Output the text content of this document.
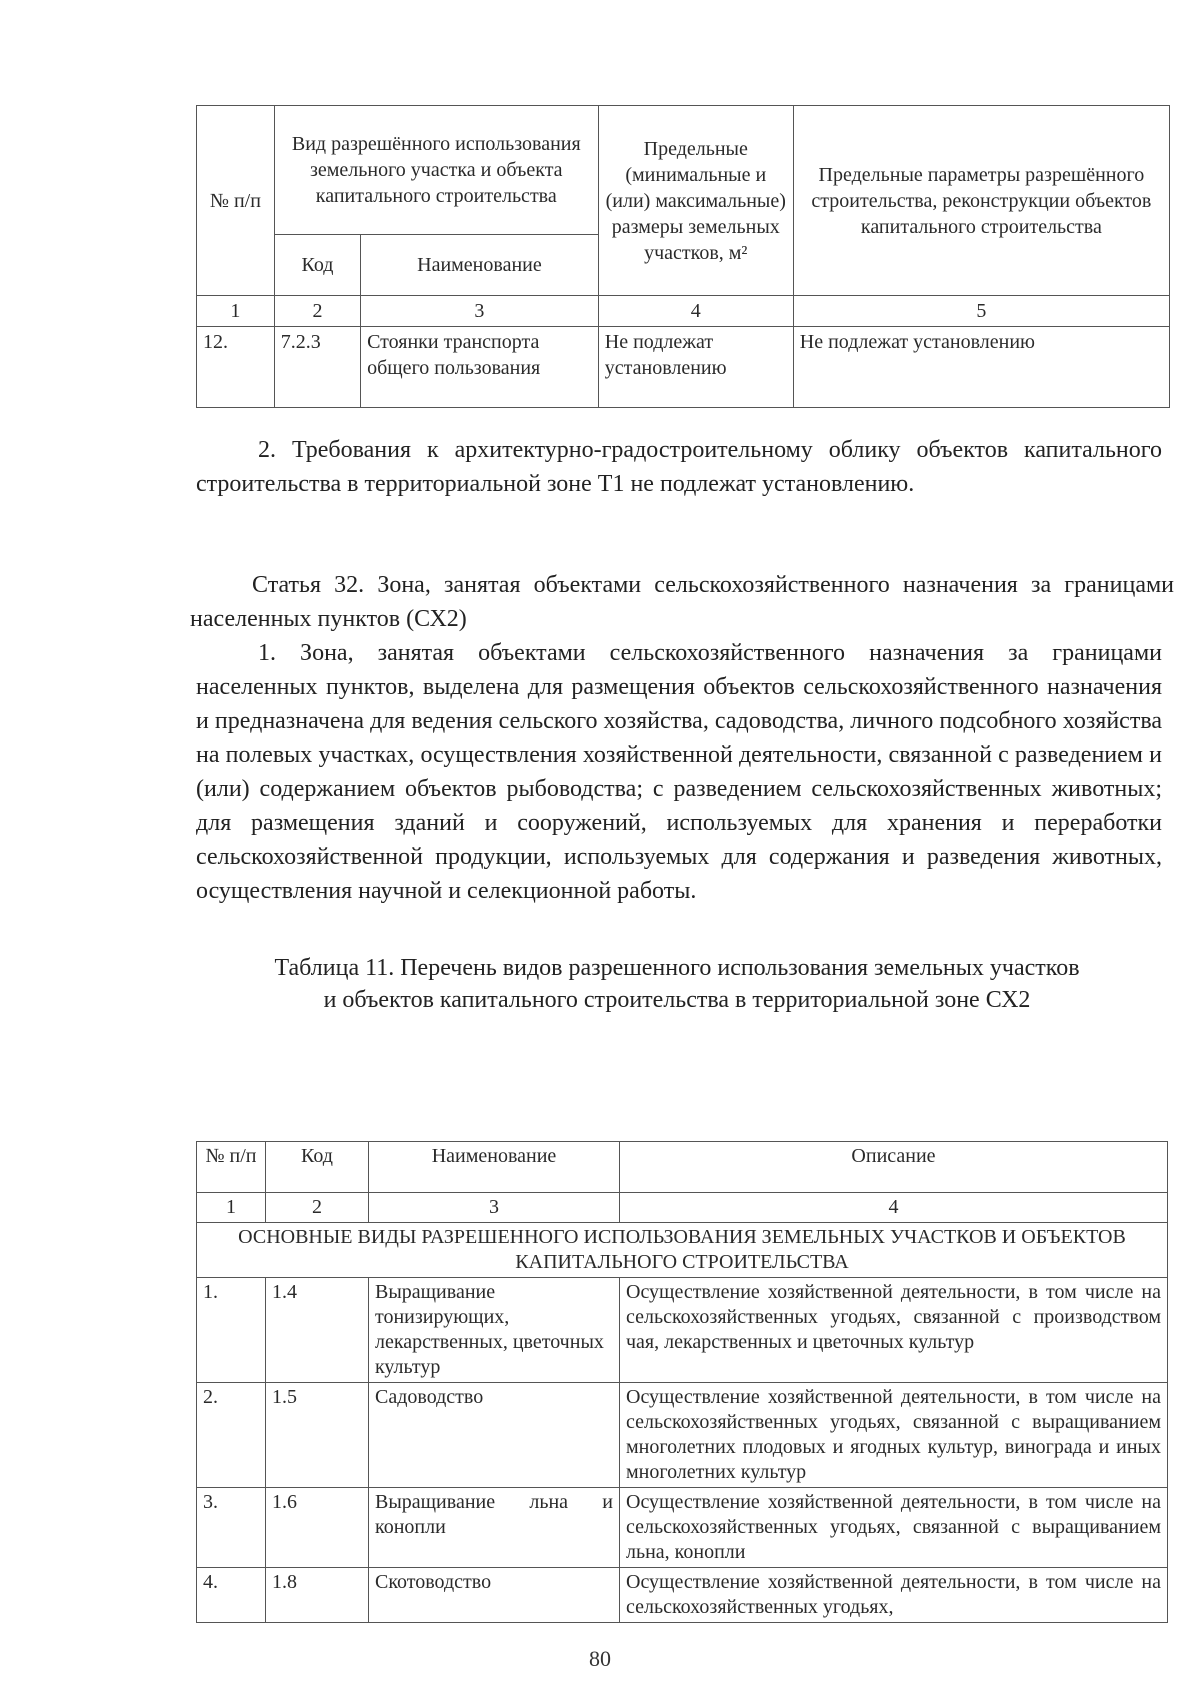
№ п/п	Вид разрешённого использования земельного участка и объекта капитального строительства		Предельные (минимальные и (или) максимальные) размеры земельных участков, м²	Предельные параметры разрешённого строительства, реконструкции объектов капитального строительства
	Код	Наименование		
1	2	3	4	5
12.	7.2.3	Стоянки транспорта общего пользования	Не подлежат установлению	Не подлежат установлению

2. Требования к архитектурно-градостроительному облику объектов капитального строительства в территориальной зоне Т1 не подлежат установлению.

Статья 32. Зона, занятая объектами сельскохозяйственного назначения за границами населенных пунктов (СХ2)

1. Зона, занятая объектами сельскохозяйственного назначения за границами населенных пунктов, выделена для размещения объектов сельскохозяйственного назначения и предназначена для ведения сельского хозяйства, садоводства, личного подсобного хозяйства на полевых участках, осуществления хозяйственной деятельности, связанной с разведением и (или) содержанием объектов рыбоводства; с разведением сельскохозяйственных животных; для размещения зданий и сооружений, используемых для хранения и переработки сельскохозяйственной продукции, используемых для содержания и разведения животных, осуществления научной и селекционной работы.

Таблица 11. Перечень видов разрешенного использования земельных участков
и объектов капитального строительства в территориальной зоне СХ2
№ п/п	Код	Наименование	Описание
1	2	3	4
ОСНОВНЫЕ ВИДЫ РАЗРЕШЕННОГО ИСПОЛЬЗОВАНИЯ ЗЕМЕЛЬНЫХ УЧАСТКОВ И ОБЪЕКТОВ КАПИТАЛЬНОГО СТРОИТЕЛЬСТВА			
1.	1.4	Выращивание тонизирующих, лекарственных, цветочных культур	Осуществление хозяйственной деятельности, в том числе на сельскохозяйственных угодьях, связанной с производством чая, лекарственных и цветочных культур
2.	1.5	Садоводство	Осуществление хозяйственной деятельности, в том числе на сельскохозяйственных угодьях, связанной с выращиванием многолетних плодовых и ягодных культур, винограда и иных многолетних культур
3.	1.6	Выращивание льна и конопли	Осуществление хозяйственной деятельности, в том числе на сельскохозяйственных угодьях, связанной с выращиванием льна, конопли
4.	1.8	Скотоводство	Осуществление хозяйственной деятельности, в том числе на сельскохозяйственных угодьях,
80
